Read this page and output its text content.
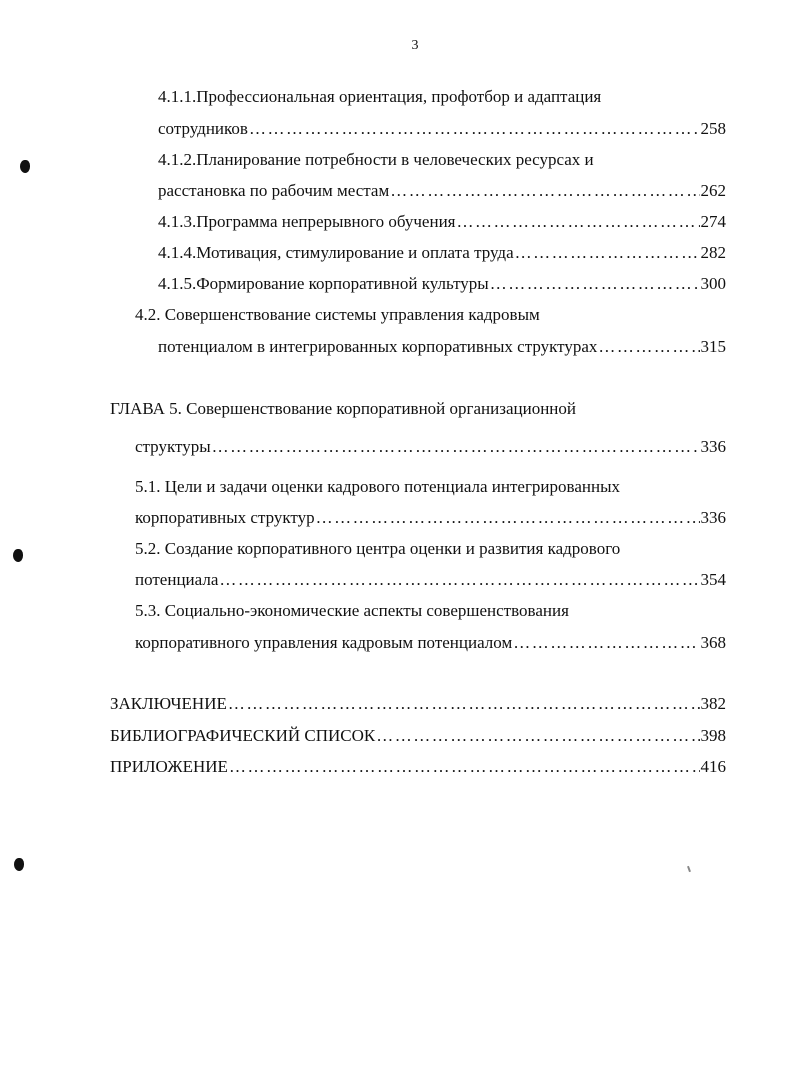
3
4.1.1.Профессиональная ориентация, профотбор и адаптация
сотрудников ……………………………………………………………………………………………………………………………………………………………………………………………………	258
4.1.2.Планирование потребности в человеческих ресурсах и
расстановка по рабочим местам ……………………………………………………………………………………………………………………………………………………………………………………………………	262
4.1.3.Программа непрерывного обучения ……………………………………………………………………………………………………………………………………………………………………………………………………	274
4.1.4.Мотивация, стимулирование и оплата труда ……………………………………………………………………………………………………………………………………………………………………………………………………	282
4.1.5.Формирование корпоративной культуры ……………………………………………………………………………………………………………………………………………………………………………………………………	300
4.2. Совершенствование системы управления кадровым
потенциалом в интегрированных корпоративных структурах ……………………………………………………………………………………………………………………………………………………………………………………………………	315
ГЛАВА 5. Совершенствование корпоративной организационной
структуры ……………………………………………………………………………………………………………………………………………………………………………………………………	336
5.1. Цели и задачи оценки кадрового потенциала интегрированных
корпоративных структур ……………………………………………………………………………………………………………………………………………………………………………………………………	336
5.2. Создание корпоративного центра оценки и развития кадрового
потенциала ……………………………………………………………………………………………………………………………………………………………………………………………………	354
5.3. Социально-экономические аспекты совершенствования
корпоративного управления кадровым потенциалом ……………………………………………………………………………………………………………………………………………………………………………………………………	368
ЗАКЛЮЧЕНИЕ ……………………………………………………………………………………………………………………………………………………………………………………………………	382
БИБЛИОГРАФИЧЕСКИЙ СПИСОК ……………………………………………………………………………………………………………………………………………………………………………………………………	398
ПРИЛОЖЕНИЕ ……………………………………………………………………………………………………………………………………………………………………………………………………	416
